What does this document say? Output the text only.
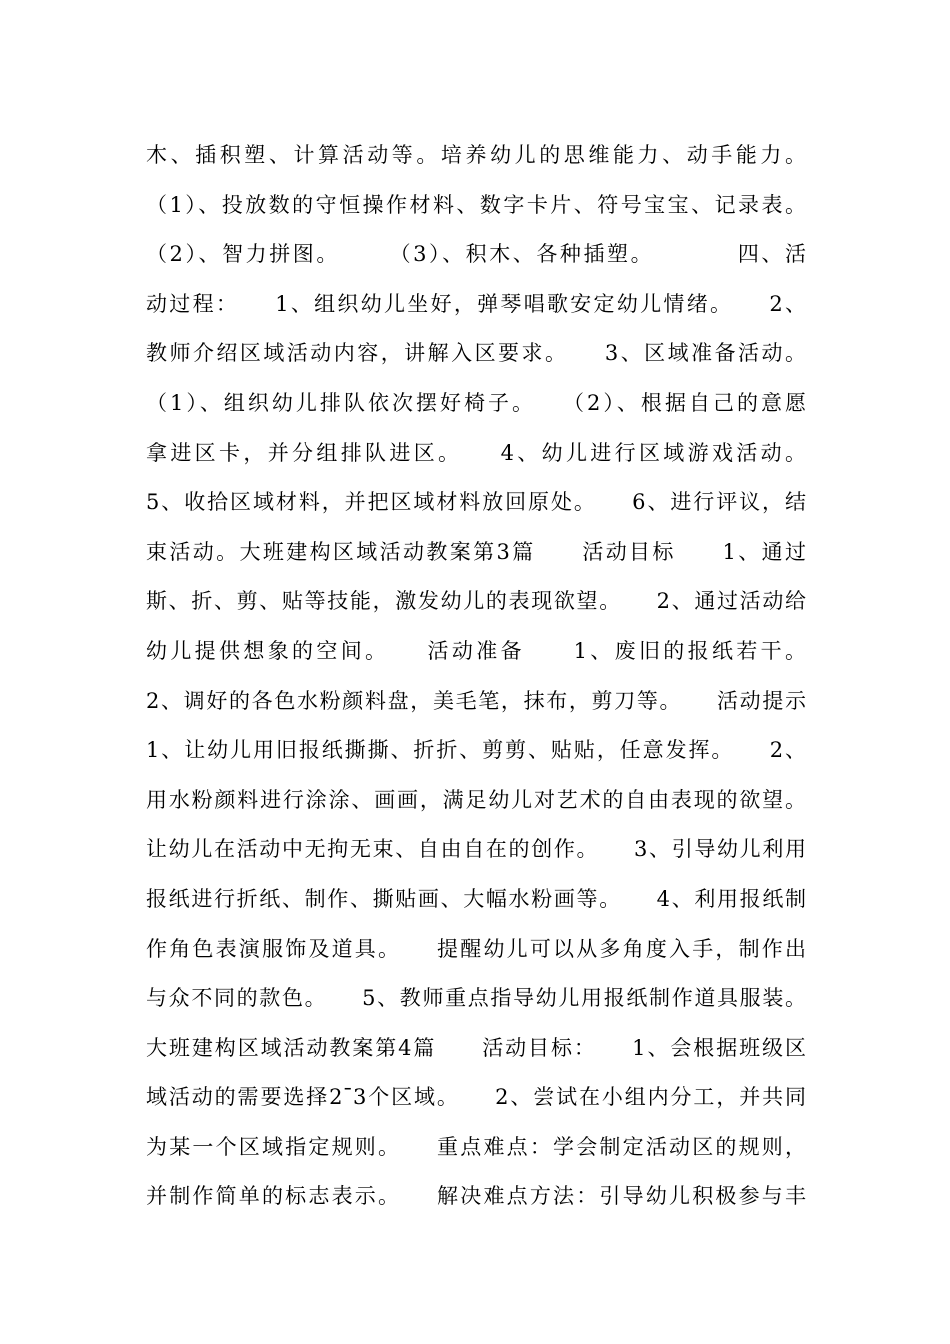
木、插积塑、计算活动等。培养幼儿的思维能力、动手能力。
（1）、投放数的守恒操作材料、数字卡片、符号宝宝、记录表。
（2）、智力拼图。　　　（3）、积木、各种插塑。　　　　四、活
动过程：　　1、组织幼儿坐好，弹琴唱歌安定幼儿情绪。　　2、
教师介绍区域活动内容，讲解入区要求。　　3、区域准备活动。
（1）、组织幼儿排队依次摆好椅子。　　（2）、根据自己的意愿
拿进区卡，并分组排队进区。　　4、幼儿进行区域游戏活动。
5、收拾区域材料，并把区域材料放回原处。　　6、进行评议，结
束活动。大班建构区域活动教案第3篇　　活动目标　　1、通过
斯、折、剪、贴等技能，激发幼儿的表现欲望。　　2、通过活动给
幼儿提供想象的空间。　　活动准备　　1、废旧的报纸若干。
2、调好的各色水粉颜料盘，美毛笔，抹布，剪刀等。　　活动提示
1、让幼儿用旧报纸撕撕、折折、剪剪、贴贴，任意发挥。　　2、
用水粉颜料进行涂涂、画画，满足幼儿对艺术的自由表现的欲望。
让幼儿在活动中无拘无束、自由自在的创作。　　3、引导幼儿利用
报纸进行折纸、制作、撕贴画、大幅水粉画等。　　4、利用报纸制
作角色表演服饰及道具。　　提醒幼儿可以从多角度入手，制作出
与众不同的款色。　　5、教师重点指导幼儿用报纸制作道具服装。
大班建构区域活动教案第4篇　　活动目标：　　1、会根据班级区
域活动的需要选择2ˉ3个区域。　　2、尝试在小组内分工，并共同
为某一个区域指定规则。　　重点难点：学会制定活动区的规则，
并制作简单的标志表示。　　解决难点方法：引导幼儿积极参与丰
